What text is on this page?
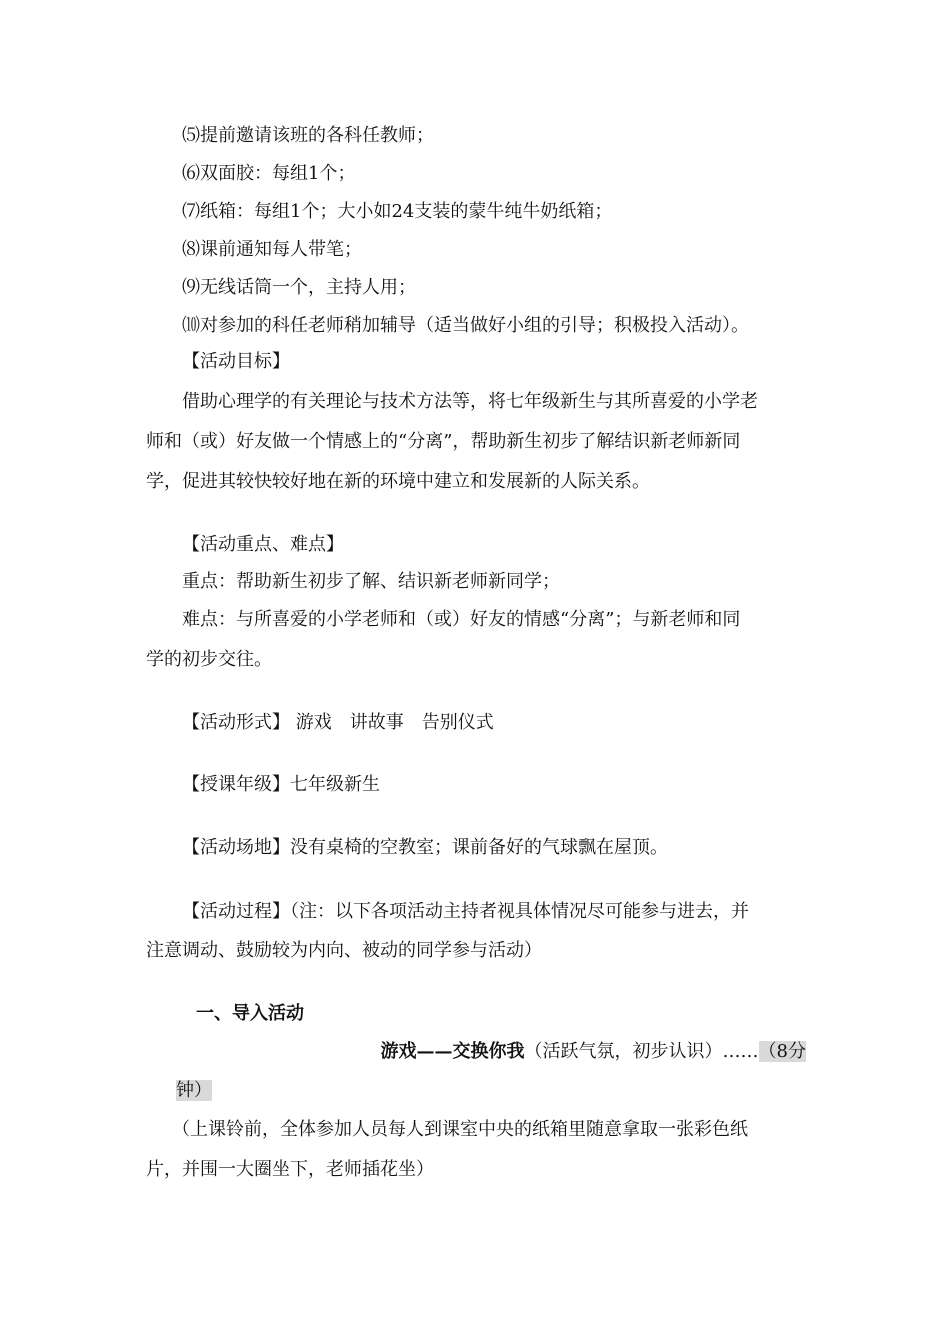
⑸提前邀请该班的各科任教师；
⑹双面胶：每组1个；
⑺纸箱：每组1个；大小如24支装的蒙牛纯牛奶纸箱；
⑻课前通知每人带笔；
⑼无线话筒一个，主持人用；
⑽对参加的科任老师稍加辅导（适当做好小组的引导；积极投入活动）。
【活动目标】
借助心理学的有关理论与技术方法等，将七年级新生与其所喜爱的小学老
师和（或）好友做一个情感上的“分离”，帮助新生初步了解结识新老师新同
学，促进其较快较好地在新的环境中建立和发展新的人际关系。
【活动重点、难点】
重点：帮助新生初步了解、结识新老师新同学；
难点：与所喜爱的小学老师和（或）好友的情感“分离”；与新老师和同
学的初步交往。
【活动形式】 游戏　讲故事　告别仪式
【授课年级】七年级新生
【活动场地】没有桌椅的空教室；课前备好的气球飘在屋顶。
【活动过程】（注：以下各项活动主持者视具体情况尽可能参与进去，并
注意调动、鼓励较为内向、被动的同学参与活动）
一、导入活动
游戏——交换你我（活跃气氛，初步认识）……（8分
钟）
（上课铃前，全体参加人员每人到课室中央的纸箱里随意拿取一张彩色纸
片，并围一大圈坐下，老师插花坐）
